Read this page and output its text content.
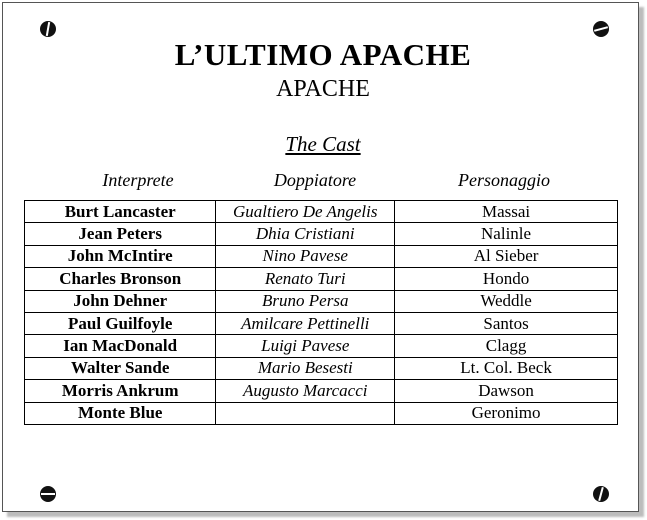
L’ULTIMO APACHE
APACHE
The Cast
Interprete	Doppiatore	Personaggio
Burt Lancaster	Gualtiero De Angelis	Massai
Jean Peters	Dhia Cristiani	Nalinle
John McIntire	Nino Pavese	Al Sieber
Charles Bronson	Renato Turi	Hondo
John Dehner	Bruno Persa	Weddle
Paul Guilfoyle	Amilcare Pettinelli	Santos
Ian MacDonald	Luigi Pavese	Clagg
Walter Sande	Mario Besesti	Lt. Col. Beck
Morris Ankrum	Augusto Marcacci	Dawson
Monte Blue		Geronimo
